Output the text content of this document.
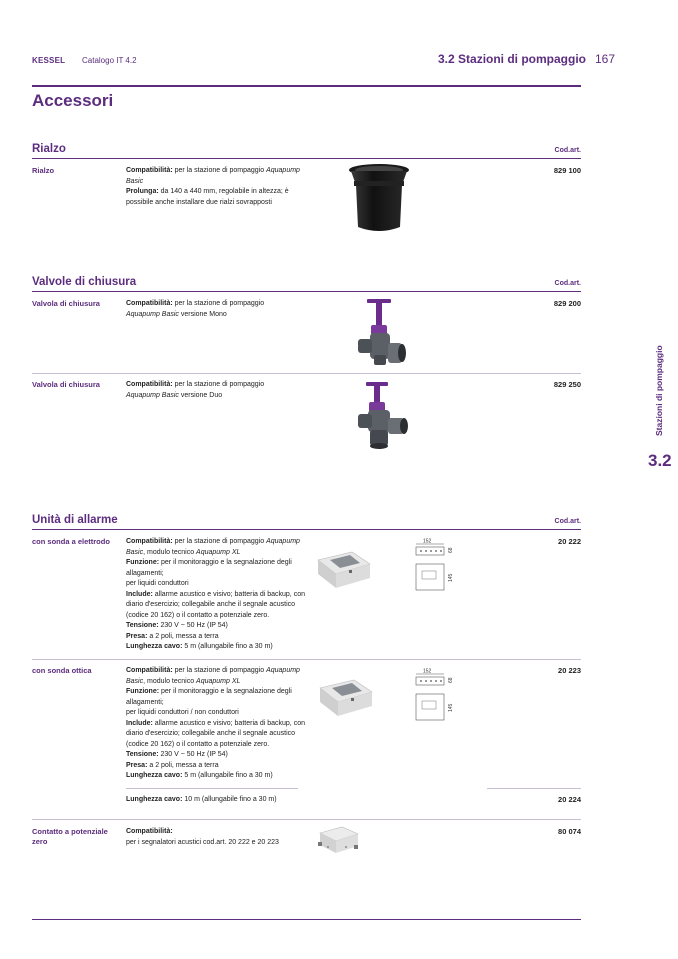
KESSEL Catalogo IT 4.2	3.2 Stazioni di pompaggio 167
Accessori
Stazioni di pompaggio
3.2
Rialzo	Cod.art.
Rialzo	Compatibilità: per la stazione di pompaggio Aquapump Basic
Prolunga: da 140 a 440 mm, regolabile in altezza; è possibile anche installare due rialzi sovrapposti
829 100
Valvole di chiusura	Cod.art.
Valvola di chiusura	Compatibilità: per la stazione di pompaggio
Aquapump Basic versione Mono
829 200
Valvola di chiusura	Compatibilità: per la stazione di pompaggio
Aquapump Basic versione Duo
829 250
Unità di allarme	Cod.art.
con sonda a elettrodo	Compatibilità: per la stazione di pompaggio Aquapump Basic, modulo tecnico Aquapump XL
Funzione: per il monitoraggio e la segnalazione degli allagamenti;
per liquidi conduttori
Include: allarme acustico e visivo; batteria di backup, con diario d'esercizio; collegabile anche il segnale acustico (codice 20 162) o il contatto a potenziale zero.
Tensione: 230 V ~ 50 Hz (IP 54)
Presa: a 2 poli, messa a terra
Lunghezza cavo: 5 m (allungabile fino a 30 m)
20 222
152
68
145
con sonda ottica	Compatibilità: per la stazione di pompaggio Aquapump Basic, modulo tecnico Aquapump XL
Funzione: per il monitoraggio e la segnalazione degli allagamenti;
per liquidi conduttori / non conduttori
Include: allarme acustico e visivo; batteria di backup, con diario d'esercizio; collegabile anche il segnale acustico (codice 20 162) o il contatto a potenziale zero.
Tensione: 230 V ~ 50 Hz (IP 54)
Presa: a 2 poli, messa a terra
Lunghezza cavo: 5 m (allungabile fino a 30 m)
20 223
152
68
145
Lunghezza cavo: 10 m (allungabile fino a 30 m)	20 224
Contatto a potenziale zero
Compatibilità:
per i segnalatori acustici cod.art. 20 222 e 20 223
80 074
